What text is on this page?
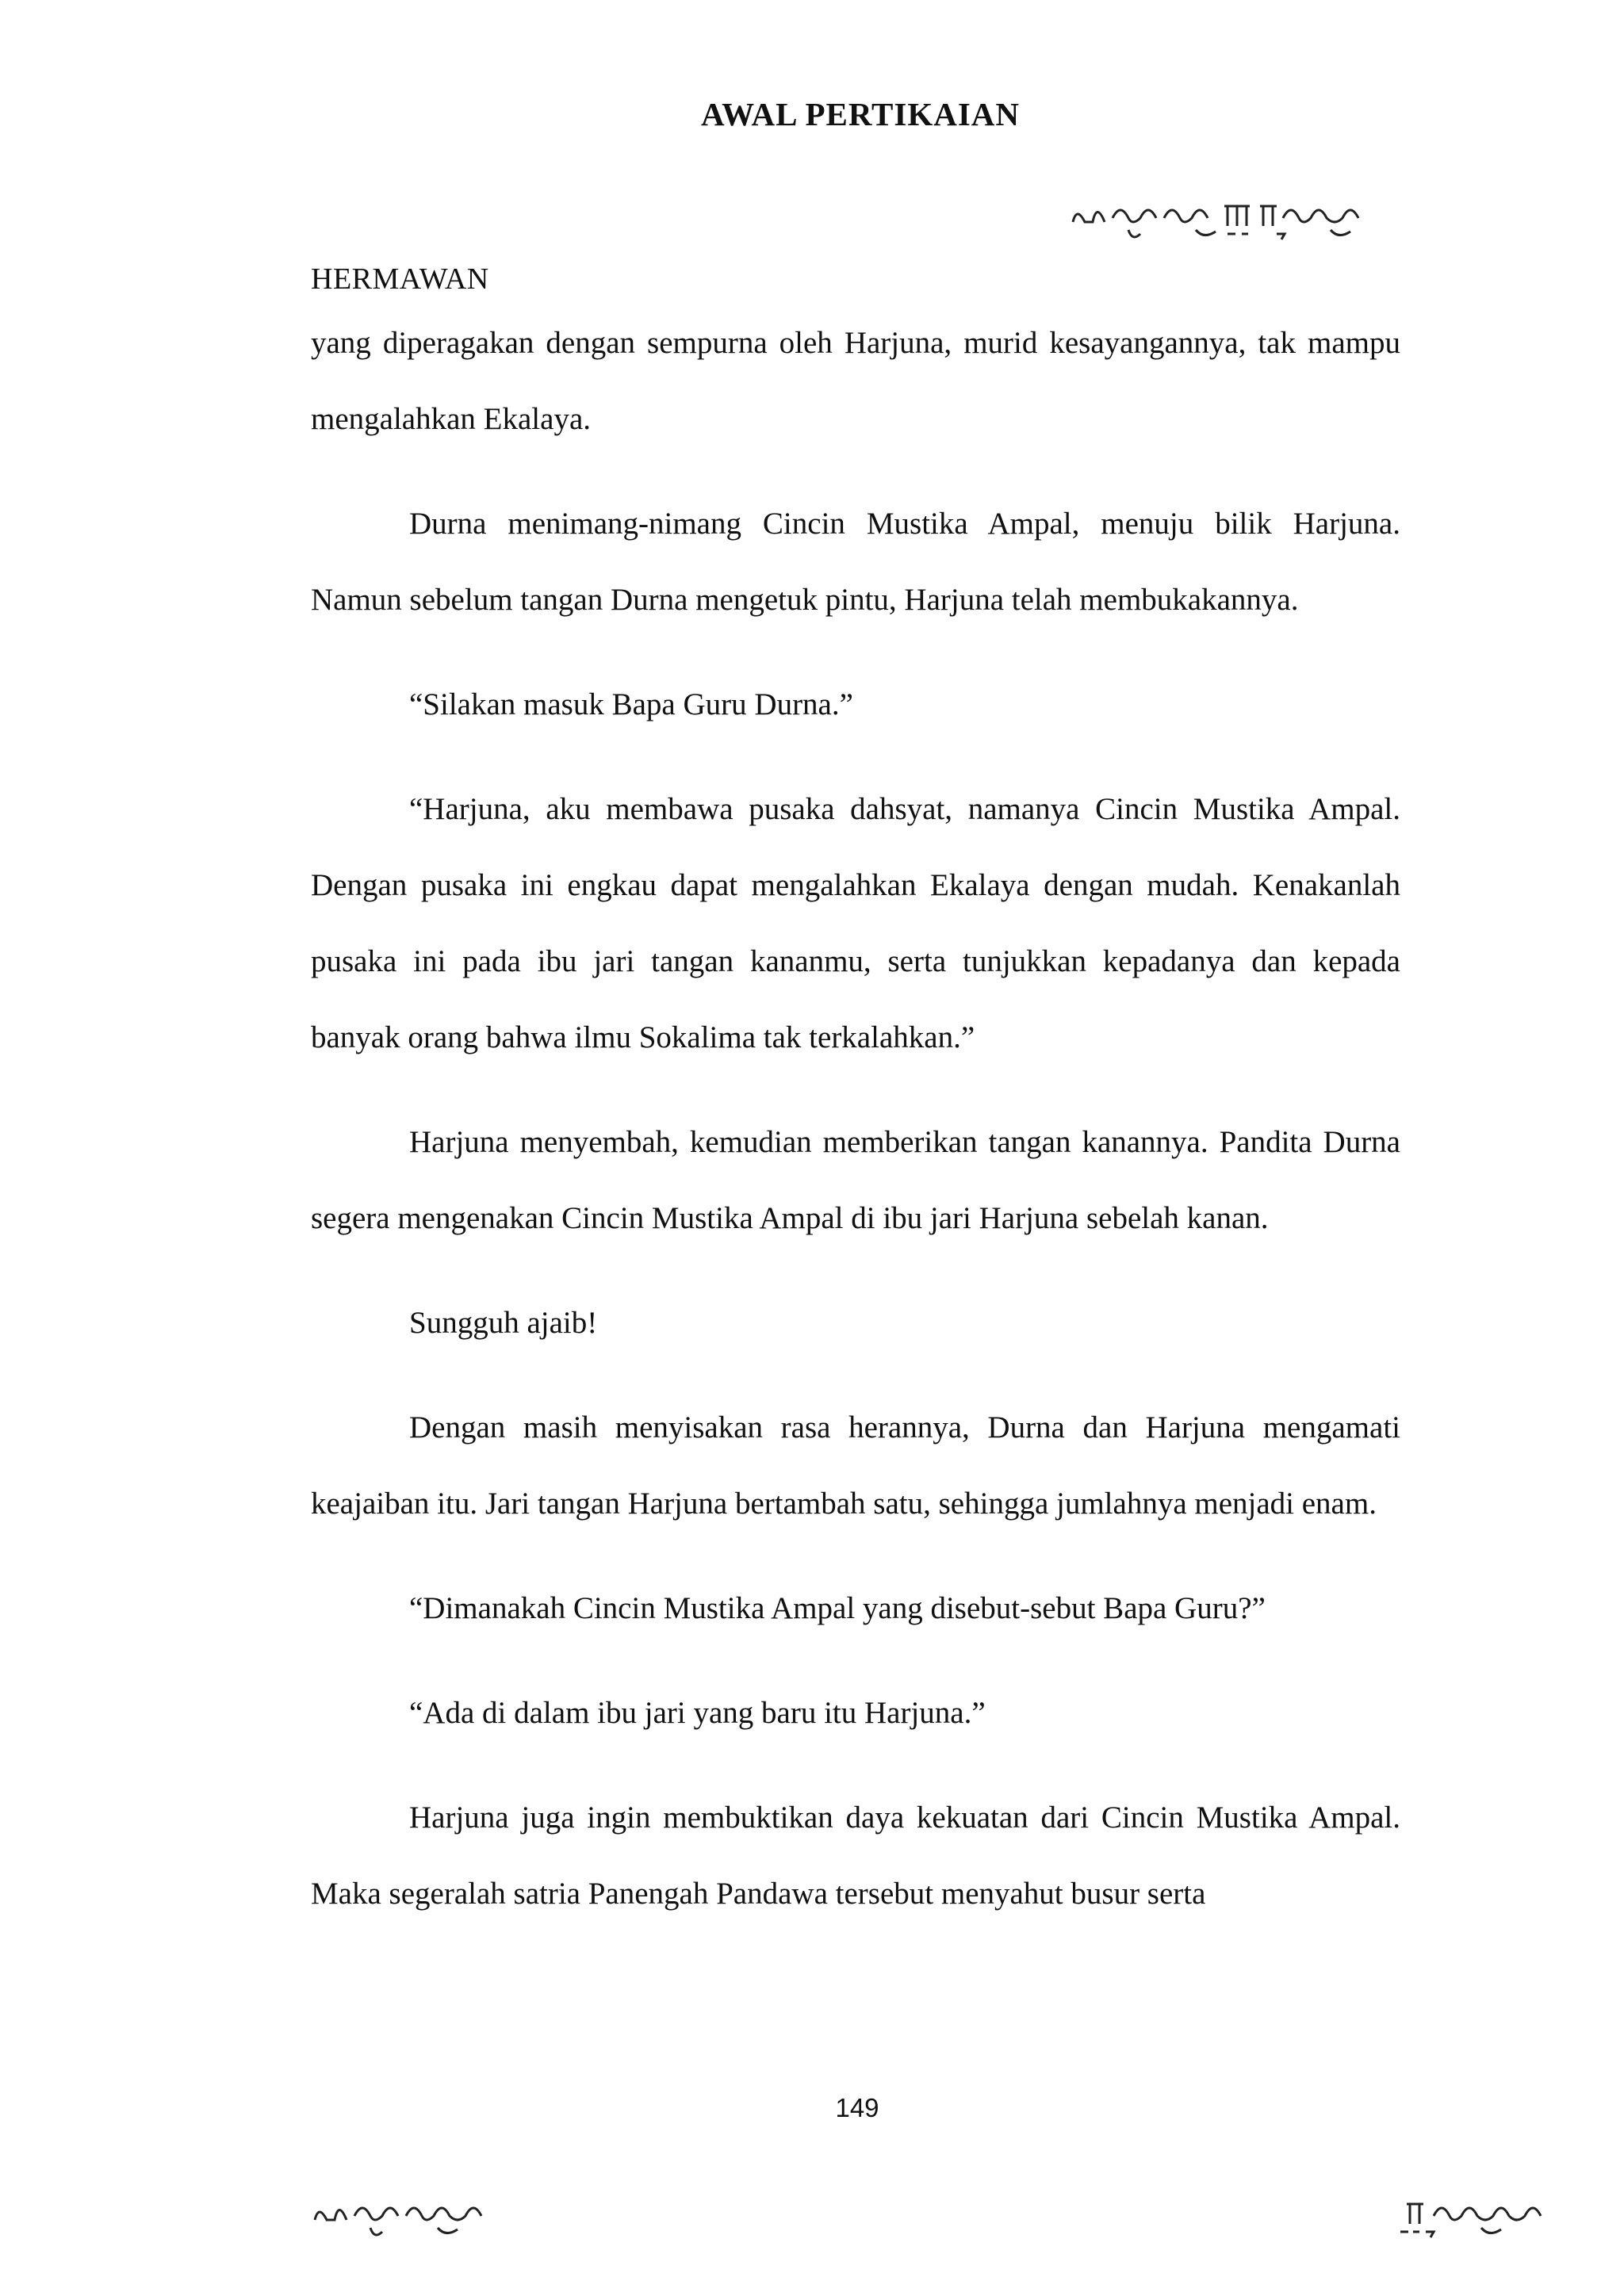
AWAL PERTIKAIAN
HERMAWAN

yang diperagakan dengan sempurna oleh Harjuna, murid kesayangannya, tak mampu mengalahkan Ekalaya.

Durna menimang-nimang Cincin Mustika Ampal, menuju bilik Harjuna. Namun sebelum tangan Durna mengetuk pintu, Harjuna telah membukakannya.

“Silakan masuk Bapa Guru Durna.”

“Harjuna, aku membawa pusaka dahsyat, namanya Cincin Mustika Ampal. Dengan pusaka ini engkau dapat mengalahkan Ekalaya dengan mudah. Kenakanlah pusaka ini pada ibu jari tangan kananmu, serta tunjukkan kepadanya dan kepada banyak orang bahwa ilmu Sokalima tak terkalahkan.”

Harjuna menyembah, kemudian memberikan tangan kanannya. Pandita Durna segera mengenakan Cincin Mustika Ampal di ibu jari Harjuna sebelah kanan.

Sungguh ajaib!

Dengan masih menyisakan rasa herannya, Durna dan Harjuna mengamati keajaiban itu. Jari tangan Harjuna bertambah satu, sehingga jumlahnya menjadi enam.

“Dimanakah Cincin Mustika Ampal yang disebut-sebut Bapa Guru?”

“Ada di dalam ibu jari yang baru itu Harjuna.”

Harjuna juga ingin membuktikan daya kekuatan dari Cincin Mustika Ampal. Maka segeralah satria Panengah Pandawa tersebut menyahut busur serta

149
